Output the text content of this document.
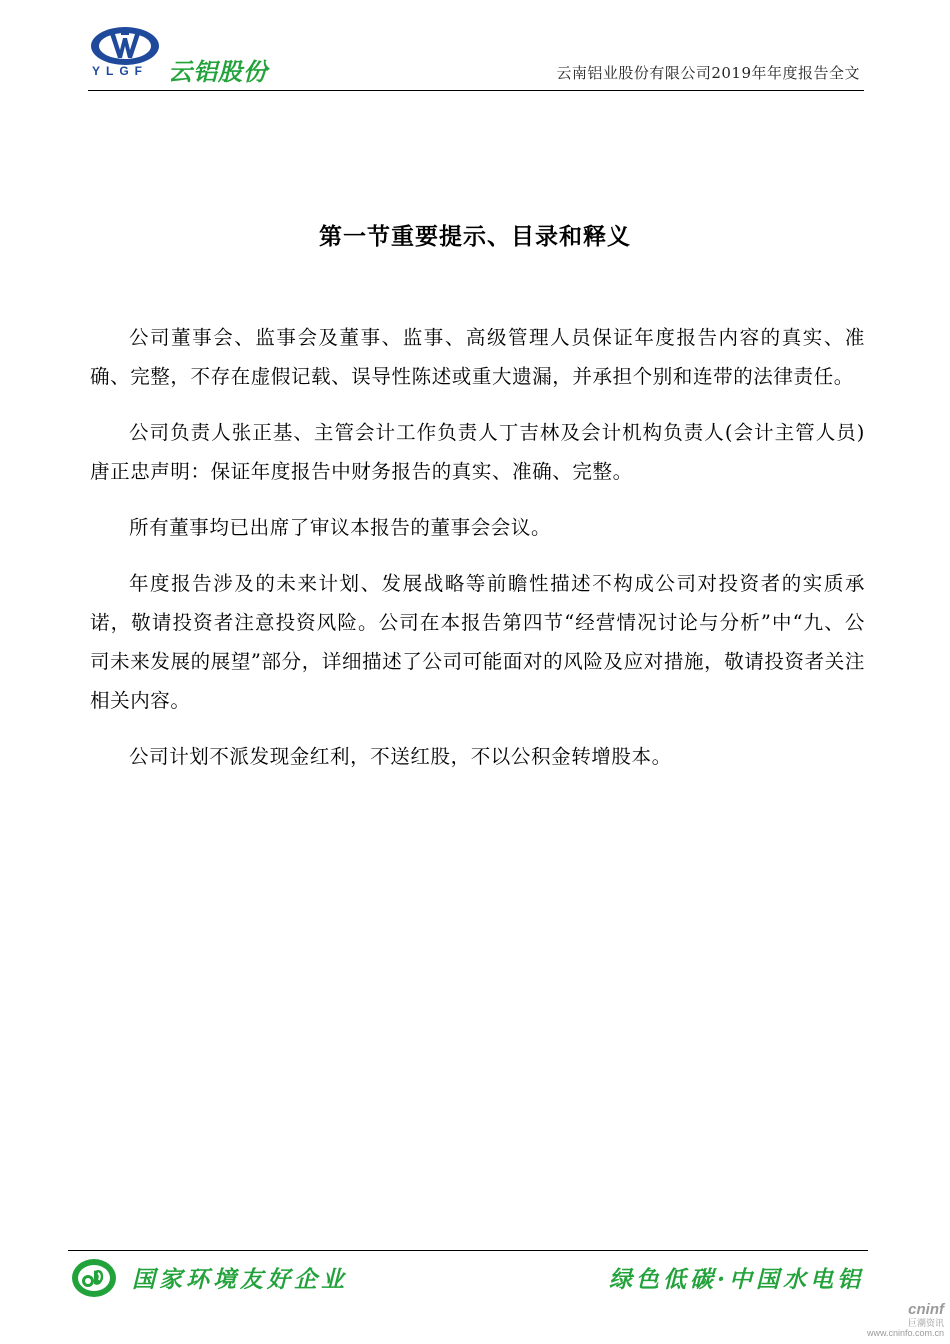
YLGF 云铝股份	云南铝业股份有限公司2019年年度报告全文
第一节重要提示、目录和释义

公司董事会、监事会及董事、监事、高级管理人员保证年度报告内容的真实、准确、完整，不存在虚假记载、误导性陈述或重大遗漏，并承担个别和连带的法律责任。

公司负责人张正基、主管会计工作负责人丁吉林及会计机构负责人(会计主管人员)唐正忠声明：保证年度报告中财务报告的真实、准确、完整。

所有董事均已出席了审议本报告的董事会会议。

年度报告涉及的未来计划、发展战略等前瞻性描述不构成公司对投资者的实质承诺，敬请投资者注意投资风险。公司在本报告第四节“经营情况讨论与分析”中“九、公司未来发展的展望”部分，详细描述了公司可能面对的风险及应对措施，敬请投资者关注相关内容。

公司计划不派发现金红利，不送红股，不以公积金转增股本。

国家环境友好企业	绿色低碳·中国水电铝
cninf
巨潮资讯
www.cninfo.com.cn
